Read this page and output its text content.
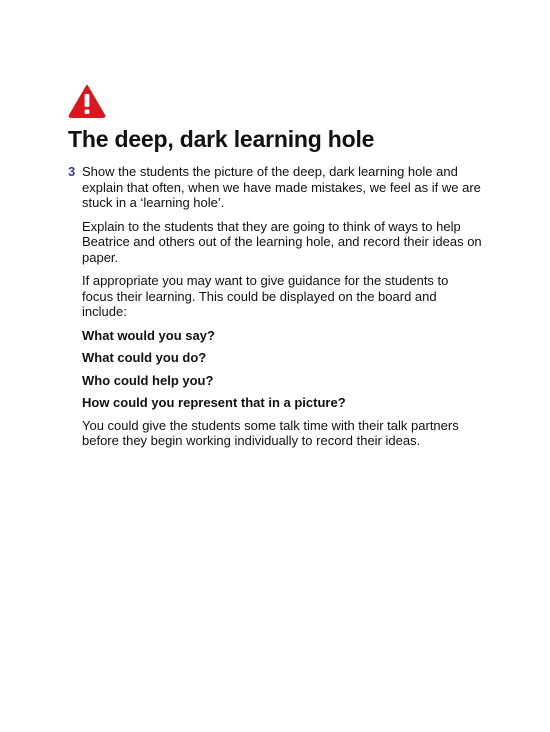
The deep, dark learning hole
3 Show the students the picture of the deep, dark learning hole and explain that often, when we have made mistakes, we feel as if we are stuck in a ‘learning hole’.

Explain to the students that they are going to think of ways to help Beatrice and others out of the learning hole, and record their ideas on paper.

If appropriate you may want to give guidance for the students to focus their learning. This could be displayed on the board and include:

What would you say?

What could you do?

Who could help you?

How could you represent that in a picture?

You could give the students some talk time with their talk partners before they begin working individually to record their ideas.
